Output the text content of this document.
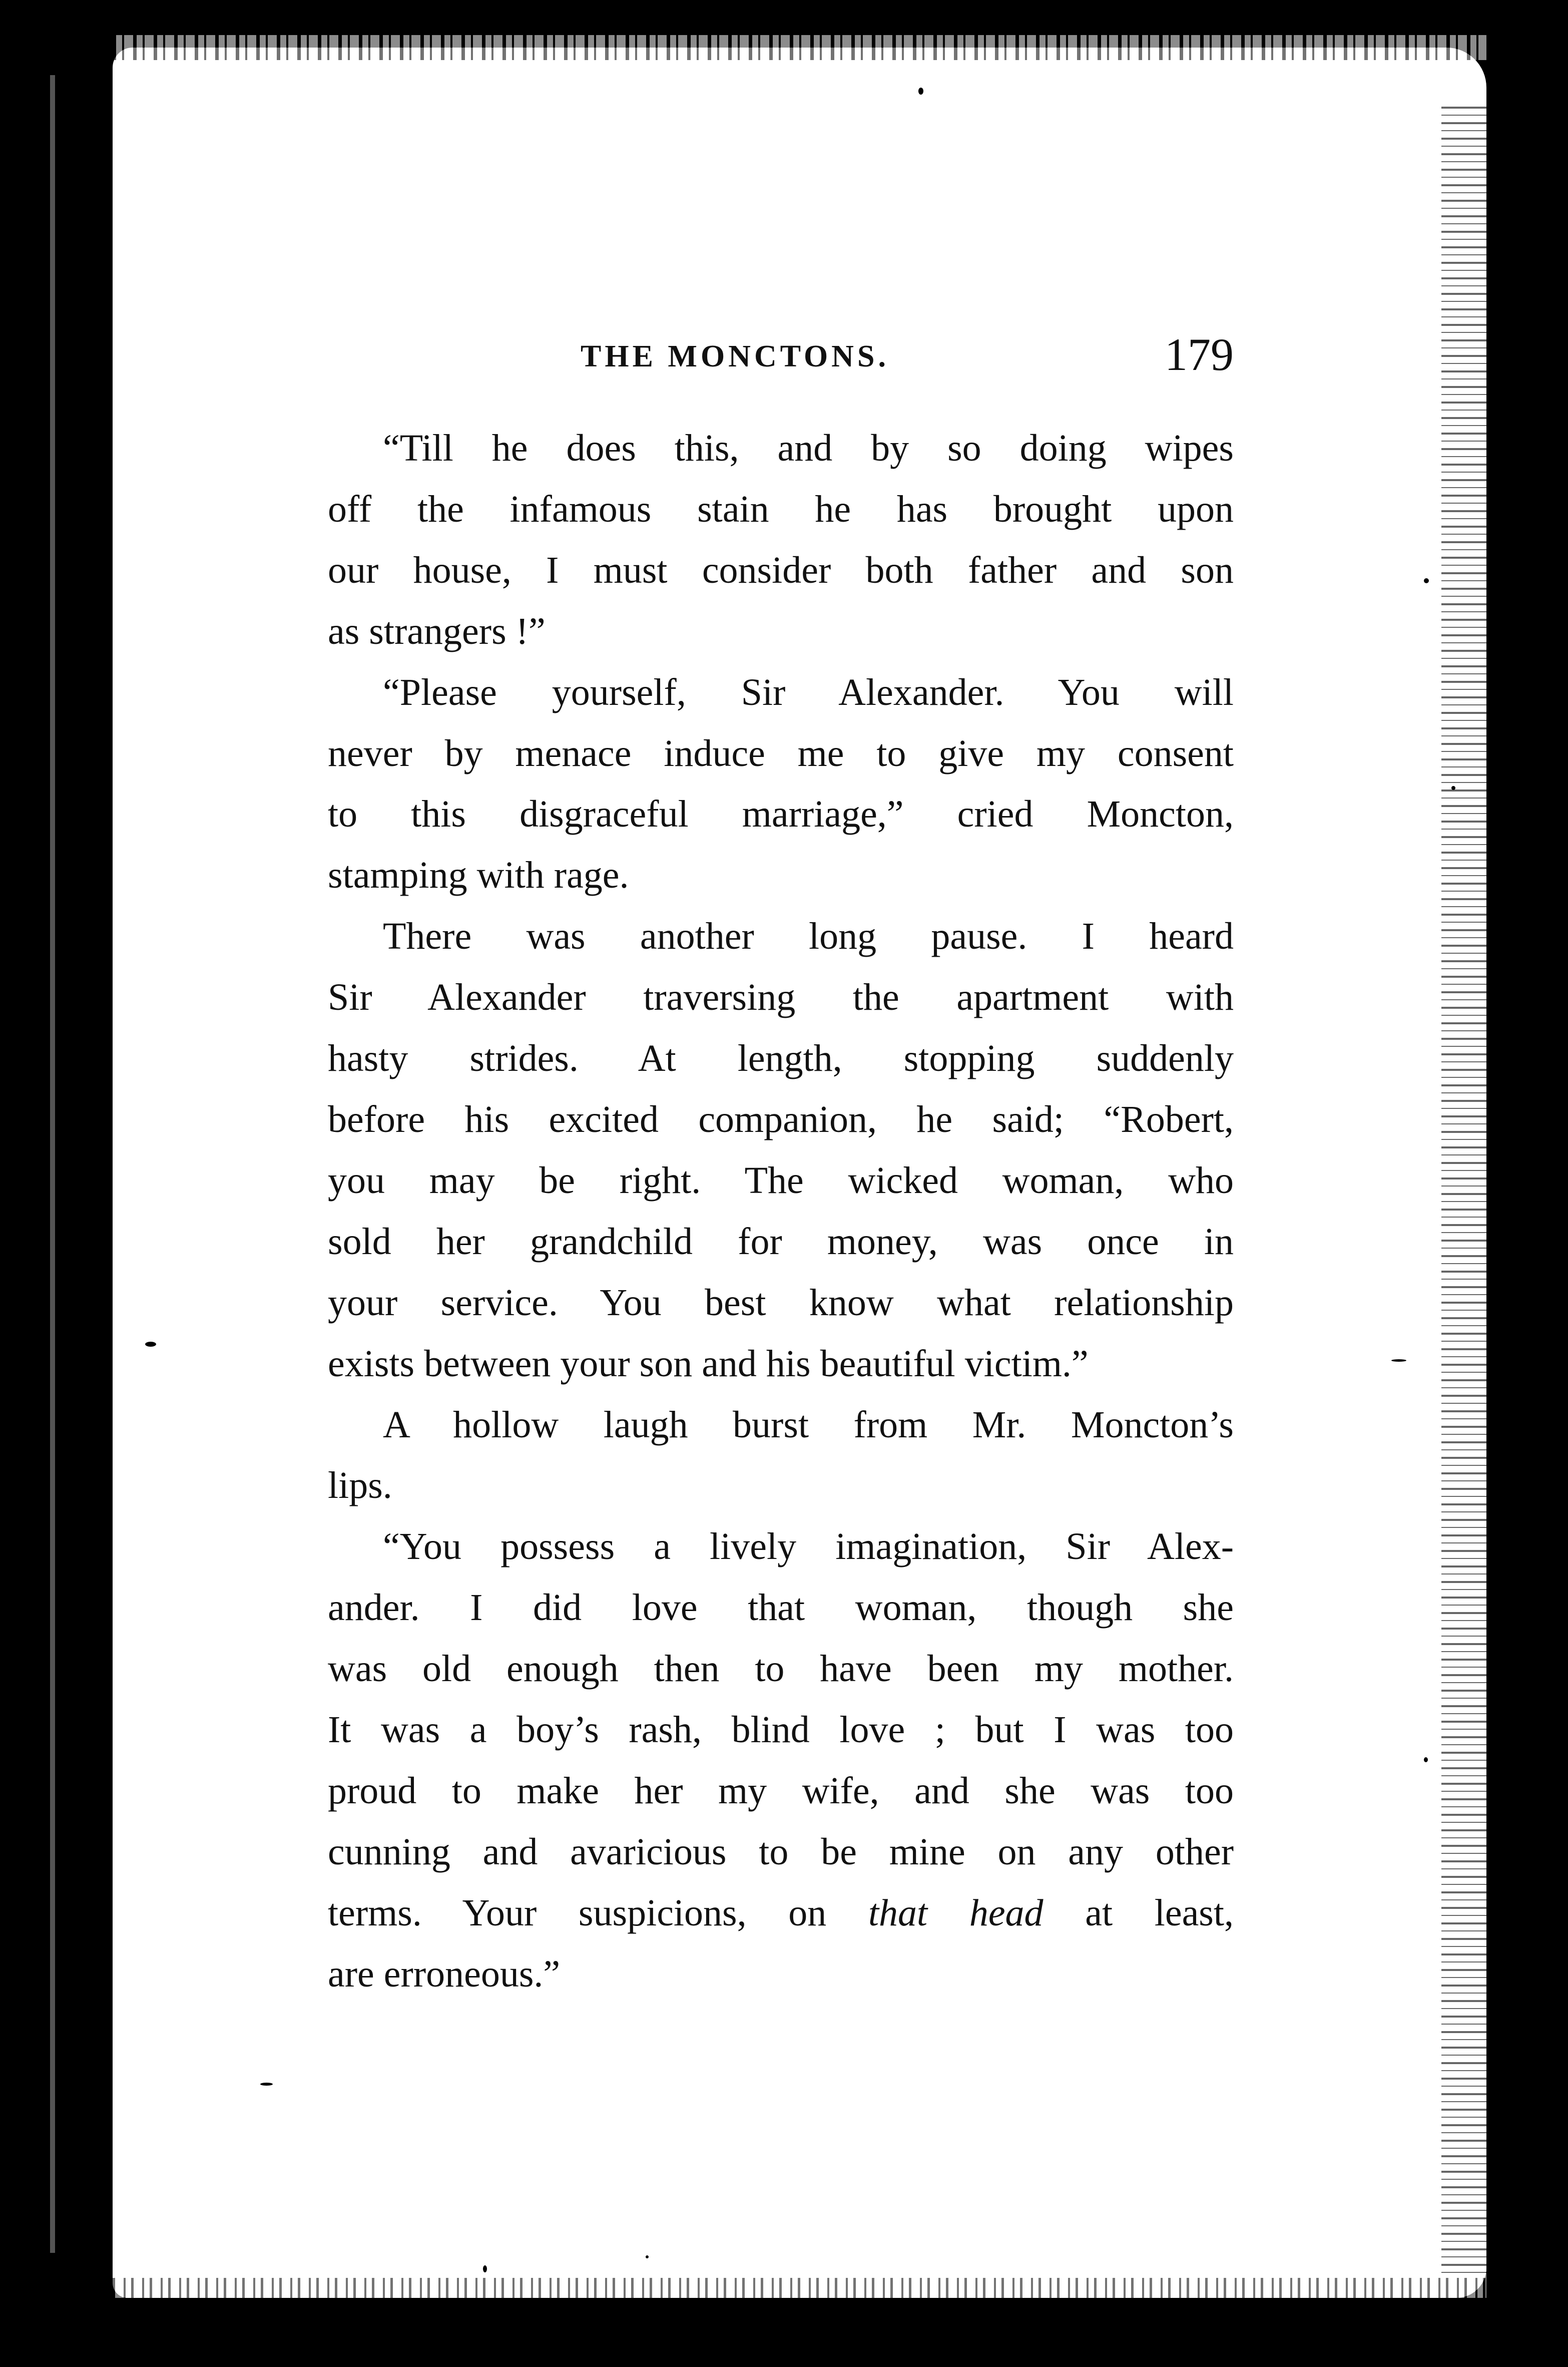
THE MONCTONS.	179

“Till he does this, and by so doing wipes
off the infamous stain he has brought upon
our house, I must consider both father and son
as strangers !”

“Please yourself, Sir Alexander. You will
never by menace induce me to give my consent
to this disgraceful marriage,” cried Moncton,
stamping with rage.

There was another long pause. I heard
Sir Alexander traversing the apartment with
hasty strides. At length, stopping suddenly
before his excited companion, he said; “Robert,
you may be right. The wicked woman, who
sold her grandchild for money, was once in
your service. You best know what relationship
exists between your son and his beautiful victim.”

A hollow laugh burst from Mr. Moncton’s
lips.

“You possess a lively imagination, Sir Alex-
ander. I did love that woman, though she
was old enough then to have been my mother.
It was a boy’s rash, blind love ; but I was too
proud to make her my wife, and she was too
cunning and avaricious to be mine on any other
terms. Your suspicions, on that head at least,
are erroneous.”
